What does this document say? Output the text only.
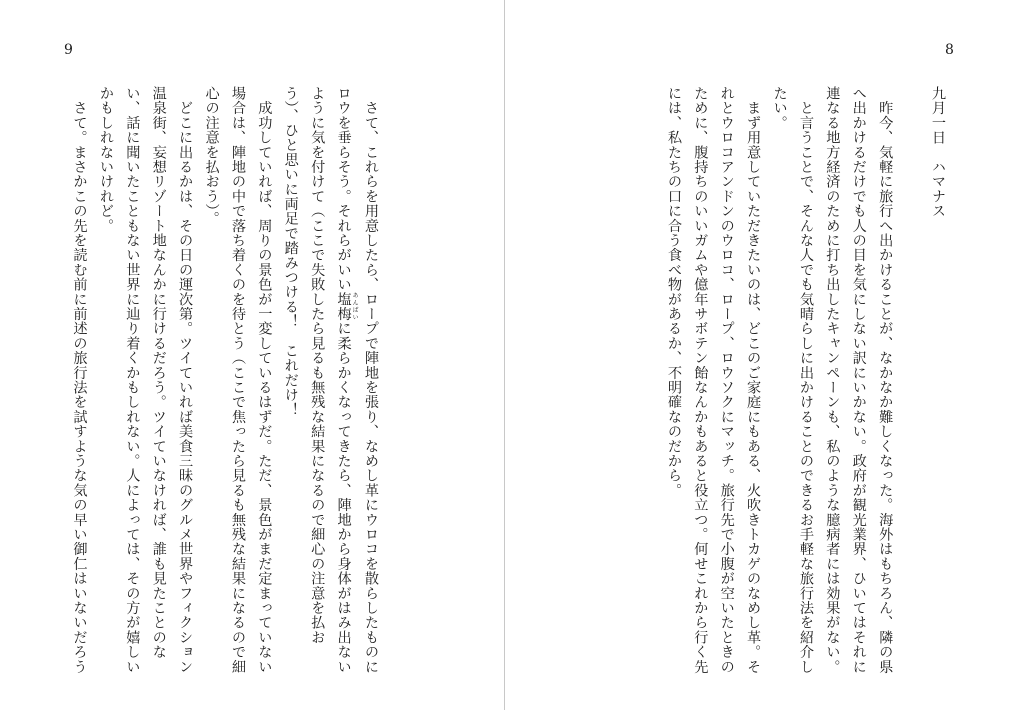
9

　さて、これらを用意したら、ロープで陣地を張り、なめし革にウロコを散らしたものに

ロウを垂らそう。それらがいい塩梅 あんばいに柔らかくなってきたら、陣地から身体がはみ出ない

ように気を付けて（ここで失敗したら見るも無残な結果になるので細心の注意を払お

う）、ひと思いに両足で踏みつける！　これだけ！

　成功していれば、周りの景色が一変しているはずだ。ただ、景色がまだ定まっていない

場合は、陣地の中で落ち着くのを待とう（ここで焦ったら見るも無残な結果になるので細

心の注意を払おう）。

　どこに出るかは、その日の運次第。ツイていれば美食三昧のグルメ世界やフィクション

温泉街、妄想リゾート地なんかに行けるだろう。ツイていなければ、誰も見たことのな

い、話に聞いたこともない世界に辿り着くかもしれない。人によっては、その方が嬉しい

かもしれないけれど。

　さて。まさかこの先を読む前に前述の旅行法を試すような気の早い御仁はいないだろう

8

九月一日　ハマナス

　昨今、気軽に旅行へ出かけることが、なかなか難しくなった。海外はもちろん、隣の県

へ出かけるだけでも人の目を気にしない訳にいかない。政府が観光業界、ひいてはそれに

連なる地方経済のために打ち出したキャンペーンも、私のような臆病者には効果がない。

　と言うことで、そんな人でも気晴らしに出かけることのできるお手軽な旅行法を紹介し

たい。

　まず用意していただきたいのは、どこのご家庭にもある、火吹きトカゲのなめし革。そ

れとウロコアンドンのウロコ、ロープ、ロウソクにマッチ。旅行先で小腹が空いたときの

ために、腹持ちのいいガムや億年サボテン飴なんかもあると役立つ。何せこれから行く先

には、私たちの口に合う食べ物があるか、不明確なのだから。
